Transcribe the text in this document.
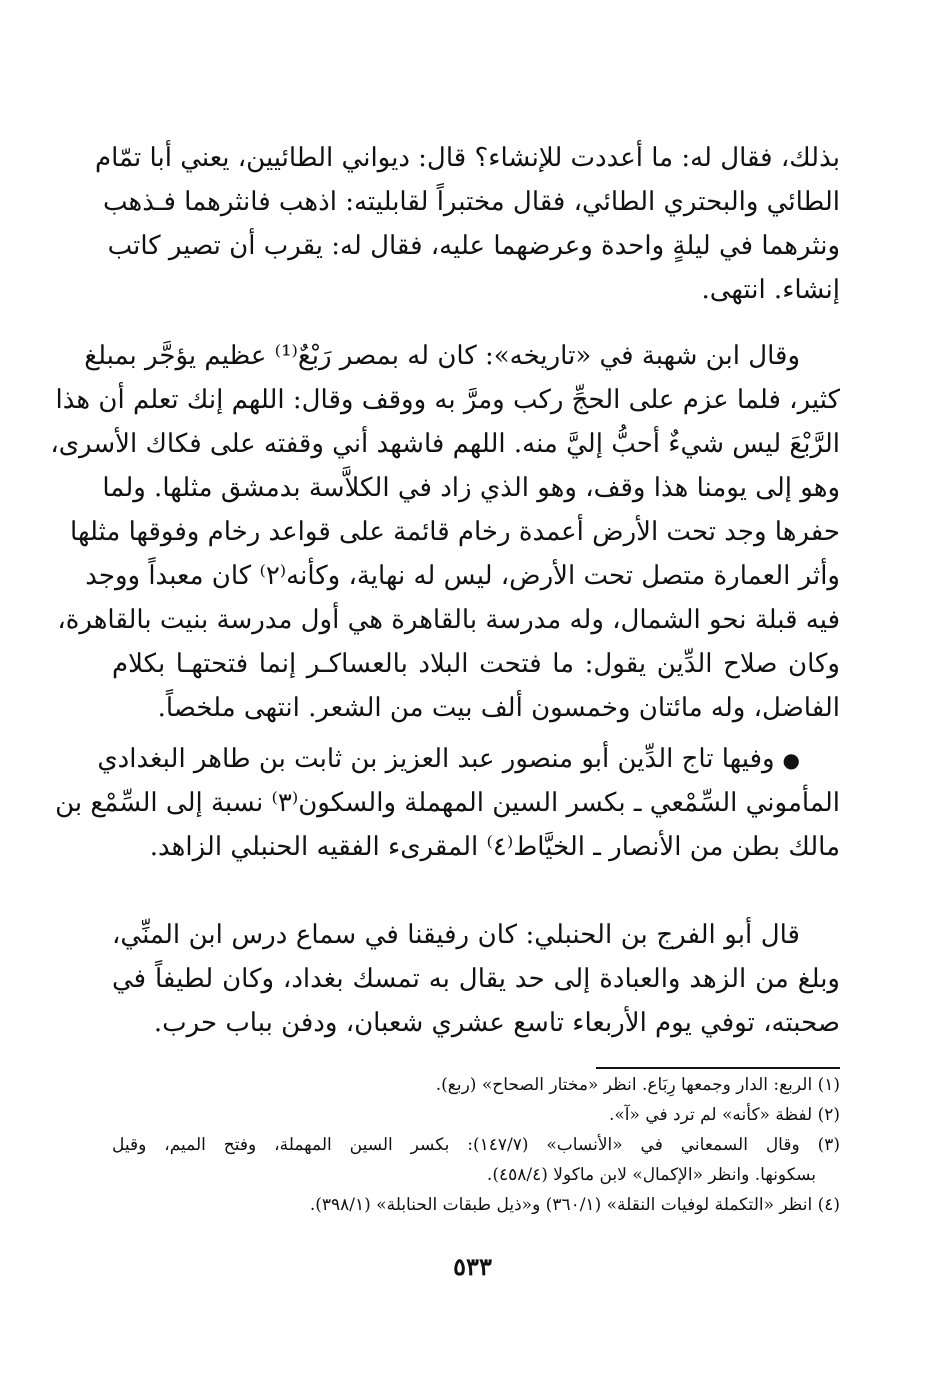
بذلك، فقال له: ما أعددت للإنشاء؟ قال: ديواني الطائيين، يعني أبا تمّام
الطائي والبحتري الطائي، فقال مختبراً لقابليته: اذهب فانثرهما فـذهب
ونثرهما في ليلةٍ واحدة وعرضهما عليه، فقال له: يقرب أن تصير كاتب
إنشاء. انتهى.
وقال ابن شهبة في «تاريخه»: كان له بمصر رَبْعٌ⁽¹⁾ عظيم يؤجَّر بمبلغ
كثير، فلما عزم على الحجِّ ركب ومرَّ به ووقف وقال: اللهم إنك تعلم أن هذا
الرَّبْعَ ليس شيءٌ أحبُّ إليَّ منه. اللهم فاشهد أني وقفته على فكاك الأسرى،
وهو إلى يومنا هذا وقف، وهو الذي زاد في الكلاَّسة بدمشق مثلها. ولما
حفرها وجد تحت الأرض أعمدة رخام قائمة على قواعد رخام وفوقها مثلها
وأثر العمارة متصل تحت الأرض، ليس له نهاية، وكأنه⁽٢⁾ كان معبداً ووجد
فيه قبلة نحو الشمال، وله مدرسة بالقاهرة هي أول مدرسة بنيت بالقاهرة،
وكان صلاح الدِّين يقول: ما فتحت البلاد بالعساكـر إنما فتحتهـا بكلام
الفاضل، وله مائتان وخمسون ألف بيت من الشعر. انتهى ملخصاً.
● وفيها تاج الدِّين أبو منصور عبد العزيز بن ثابت بن طاهر البغدادي
المأموني السِّمْعي ـ بكسر السين المهملة والسكون⁽٣⁾ نسبة إلى السِّمْع بن
مالك بطن من الأنصار ـ الخيَّاط⁽٤⁾ المقرىء الفقيه الحنبلي الزاهد.
قال أبو الفرج بن الحنبلي: كان رفيقنا في سماع درس ابن المنِّي،
وبلغ من الزهد والعبادة إلى حد يقال به تمسك بغداد، وكان لطيفاً في
صحبته، توفي يوم الأربعاء تاسع عشري شعبان، ودفن بباب حرب.
(١) الربع: الدار وجمعها رِبَاع. انظر «مختار الصحاح» (ربع).
(٢) لفظة «كأنه» لم ترد في «آ».
(٣) وقال السمعاني في «الأنساب» (١٤٧/٧): بكسر السين المهملة، وفتح الميم، وقيل
بسكونها. وانظر «الإكمال» لابن ماكولا (٤٥٨/٤).
(٤) انظر «التكملة لوفيات النقلة» (٣٦٠/١) و«ذيل طبقات الحنابلة» (٣٩٨/١).
٥٣٣
